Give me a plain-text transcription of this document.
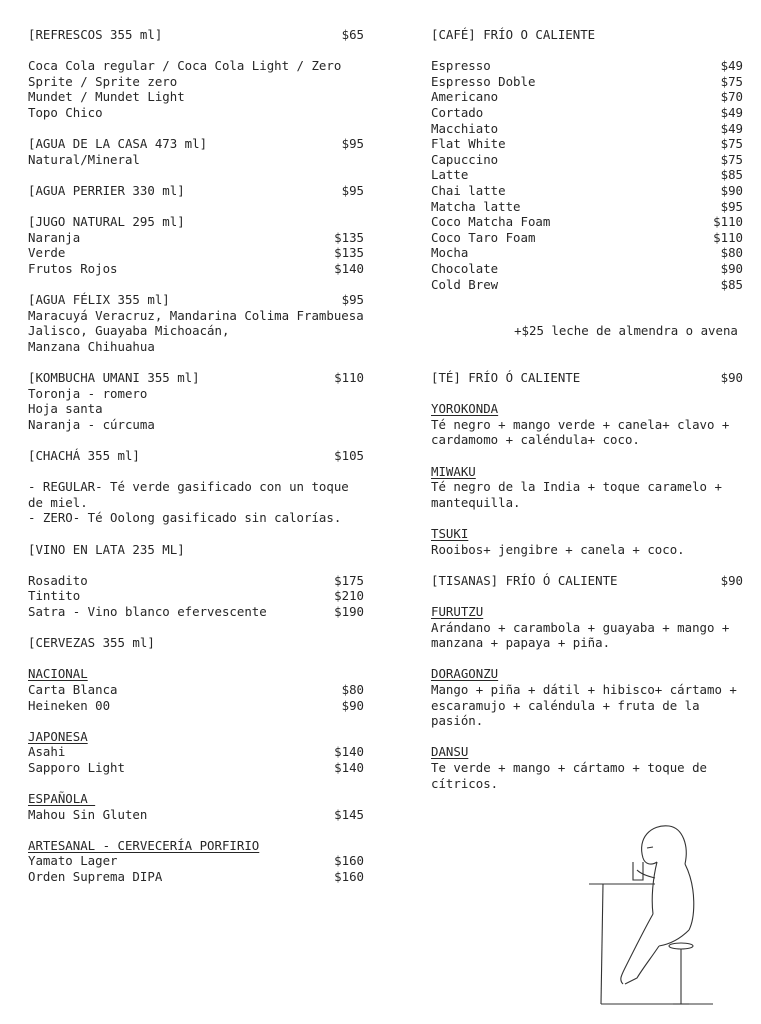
[REFRESCOS 355 ml]	$65
Coca Cola regular / Coca Cola Light / Zero
Sprite / Sprite zero
Mundet / Mundet Light
Topo Chico
[AGUA DE LA CASA 473 ml]	$95
Natural/Mineral
[AGUA PERRIER 330 ml]	$95
[JUGO NATURAL 295 ml]
Naranja	$135
Verde	$135
Frutos Rojos	$140
[AGUA FÉLIX 355 ml]	$95
Maracuyá Veracruz, Mandarina Colima Frambuesa
Jalisco, Guayaba Michoacán,
Manzana Chihuahua
[KOMBUCHA UMANI 355 ml]	$110
Toronja - romero
Hoja santa
Naranja - cúrcuma
[CHACHÁ 355 ml]	$105
- REGULAR- Té verde gasificado con un toque de miel.
- ZERO- Té Oolong gasificado sin calorías.
[VINO EN LATA 235 ML]
Rosadito	$175
Tintito	$210
Satra - Vino blanco efervescente	$190
[CERVEZAS 355 ml]
NACIONAL
Carta Blanca	$80
Heineken 00	$90
JAPONESA
Asahi	$140
Sapporo Light	$140
ESPAÑOLA
Mahou Sin Gluten	$145
ARTESANAL - CERVECERÍA PORFIRIO
Yamato Lager	$160
Orden Suprema DIPA	$160
[CAFÉ] FRÍO O CALIENTE
Espresso	$49
Espresso Doble	$75
Americano	$70
Cortado	$49
Macchiato	$49
Flat White	$75
Capuccino	$75
Latte	$85
Chai latte	$90
Matcha latte	$95
Coco Matcha Foam	$110
Coco Taro Foam	$110
Mocha	$80
Chocolate	$90
Cold Brew	$85
+$25 leche de almendra o avena
[TÉ] FRÍO Ó CALIENTE	$90
YOROKONDA
Té negro + mango verde + canela+ clavo + cardamomo + caléndula+ coco.
MIWAKU
Té negro de la India + toque caramelo + mantequilla.
TSUKI
Rooibos+ jengibre + canela + coco.
[TISANAS] FRÍO Ó CALIENTE	$90
FURUTZU
Arándano + carambola + guayaba + mango + manzana + papaya + piña.
DORAGONZU
Mango + piña + dátil + hibisco+ cártamo + escaramujo + caléndula + fruta de la pasión.
DANSU
Te verde + mango + cártamo + toque de cítricos.
